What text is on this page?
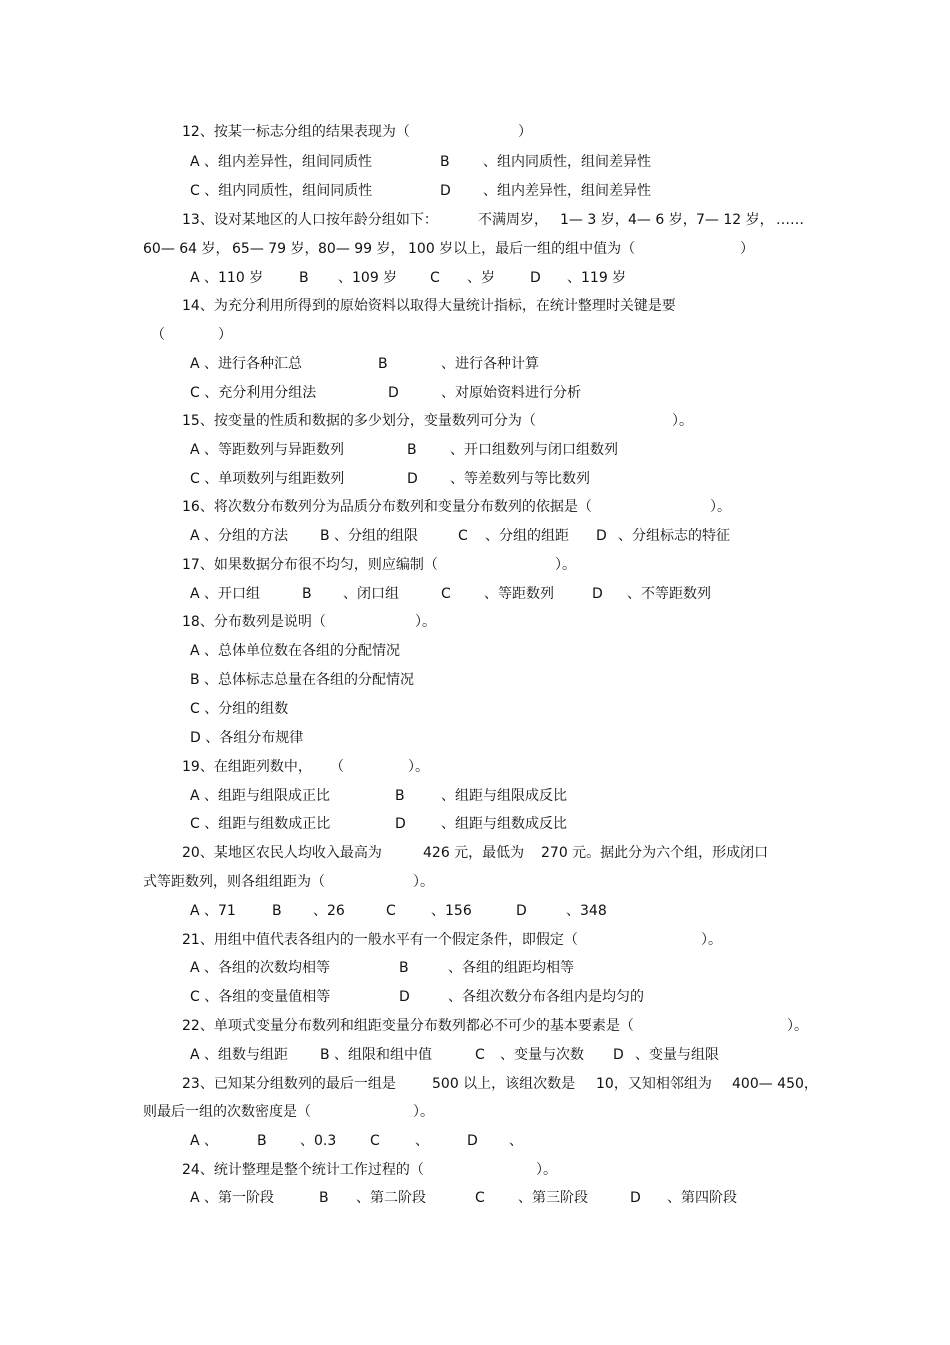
12、按某一标志分组的结果表现为（	）
A 、组内差异性，组间同质性	B 、组内同质性，组间差异性
C 、组内同质性，组间同质性	D 、组内差异性，组间差异性
13、设对某地区的人口按年龄分组如下：	不满周岁， 1— 3 岁， 4— 6 岁， 7— 12 岁， ……
60— 64 岁， 65— 79 岁， 80— 99 岁， 100 岁以上，最后一组的组中值为（	）
A 、110 岁	B 、109 岁 C 、岁	D 、119 岁
14、为充分利用所得到的原始资料以取得大量统计指标，在统计整理时关键是要
（	）
A 、进行各种汇总	B	、进行各种计算
C 、充分利用分组法	D	、对原始资料进行分析
15、按变量的性质和数据的多少划分，变量数列可分为（	）。
A 、等距数列与异距数列	B 、开口组数列与闭口组数列
C 、单项数列与组距数列	D 、等差数列与等比数列
16、将次数分布数列分为品质分布数列和变量分布数列的依据是（	）。
A 、分组的方法 B 、分组的组限	C 、分组的组距 D 、分组标志的特征
17、如果数据分布很不均匀，则应编制（	）。
A 、开口组	B 、闭口组	C 、等距数列	D 、不等距数列
18、分布数列是说明（	）。
A 、总体单位数在各组的分配情况
B 、总体标志总量在各组的分配情况
C 、分组的组数
D 、各组分布规律
19、在组距列数中， （	）。
A 、组距与组限成正比	B	、组距与组限成反比
C 、组距与组数成正比	D	、组距与组数成反比
20、某地区农民人均收入最高为	426 元，最低为 270 元。据此分为六个组，形成闭口
式等距数列，则各组组距为（	）。
A 、71	B 、26	C	、156	D	、348
21、用组中值代表各组内的一般水平有一个假定条件，即假定（	）。
A 、各组的次数均相等	B	、各组的组距均相等
C 、各组的变量值相等	D	、各组次数分布各组内是均匀的
22、单项式变量分布数列和组距变量分布数列都必不可少的基本要素是（	）。
A 、组数与组距 B 、组限和组中值	C 、变量与次数 D 、变量与组限
23、已知某分组数列的最后一组是	500 以上，该组次数是 10，又知相邻组为 400— 450，
则最后一组的次数密度是（	）。
A 、	B 、0.3 C	、	D 、
24、统计整理是整个统计工作过程的（	）。
A 、第一阶段	B 、第二阶段	C 、第三阶段	D 、第四阶段
